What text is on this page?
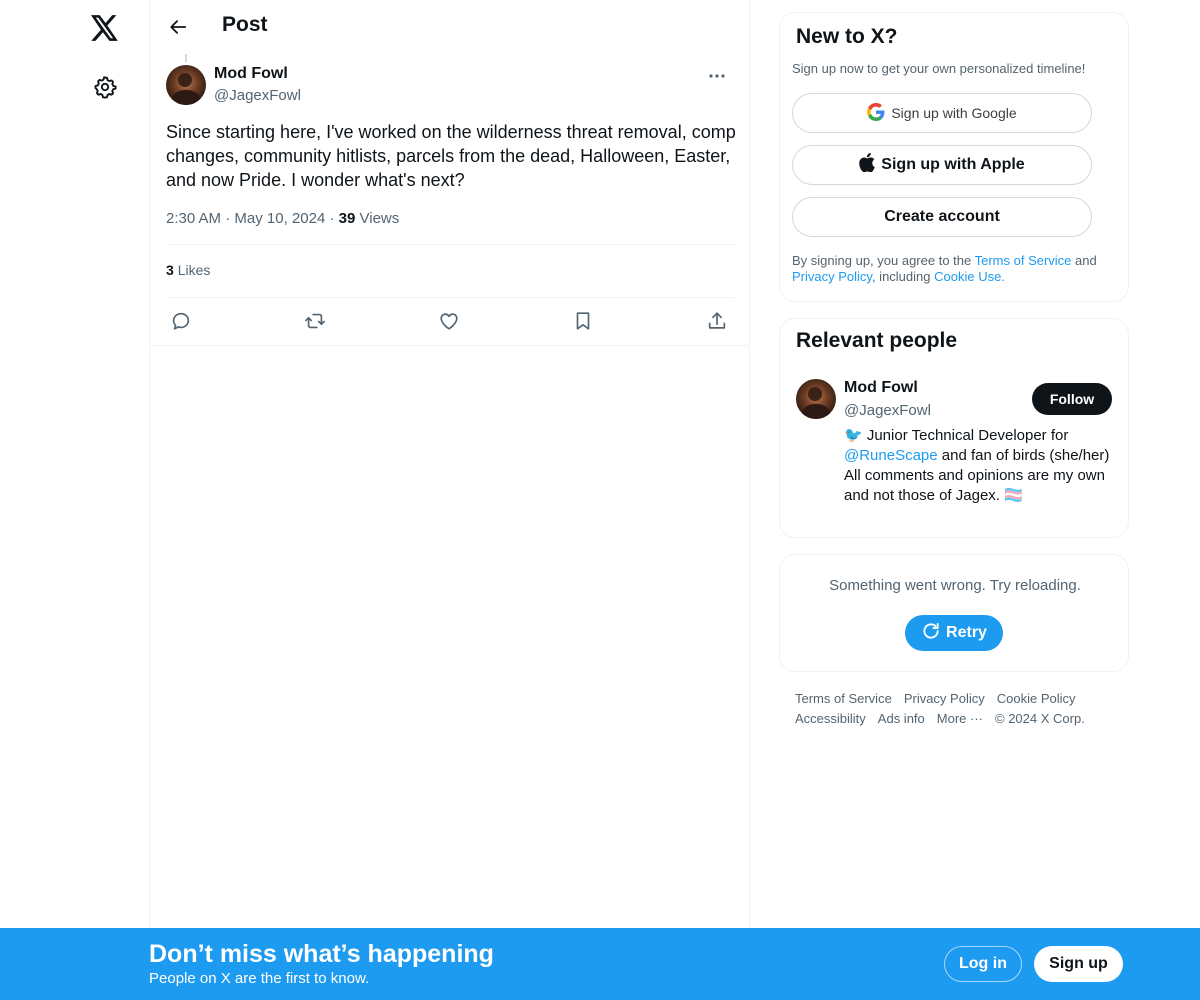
Post
Mod Fowl
@JagexFowl
Since starting here, I've worked on the wilderness threat removal, comp changes, community hitlists, parcels from the dead, Halloween, Easter, and now Pride. I wonder what's next?
2:30 AM · May 10, 2024 · 39 Views
3 Likes
New to X?
Sign up now to get your own personalized timeline!
Sign up with Google
Sign up with Apple
Create account
By signing up, you agree to the Terms of Service and Privacy Policy, including Cookie Use.
Relevant people
Mod Fowl
@JagexFowl
Follow
🐦 Junior Technical Developer for @RuneScape and fan of birds (she/her) All comments and opinions are my own and not those of Jagex. 🏳️‍⚧️
Something went wrong. Try reloading.
Retry
Terms of Service Privacy Policy Cookie Policy
Accessibility Ads info More ··· © 2024 X Corp.
Don’t miss what’s happening
People on X are the first to know.
Log in	Sign up
